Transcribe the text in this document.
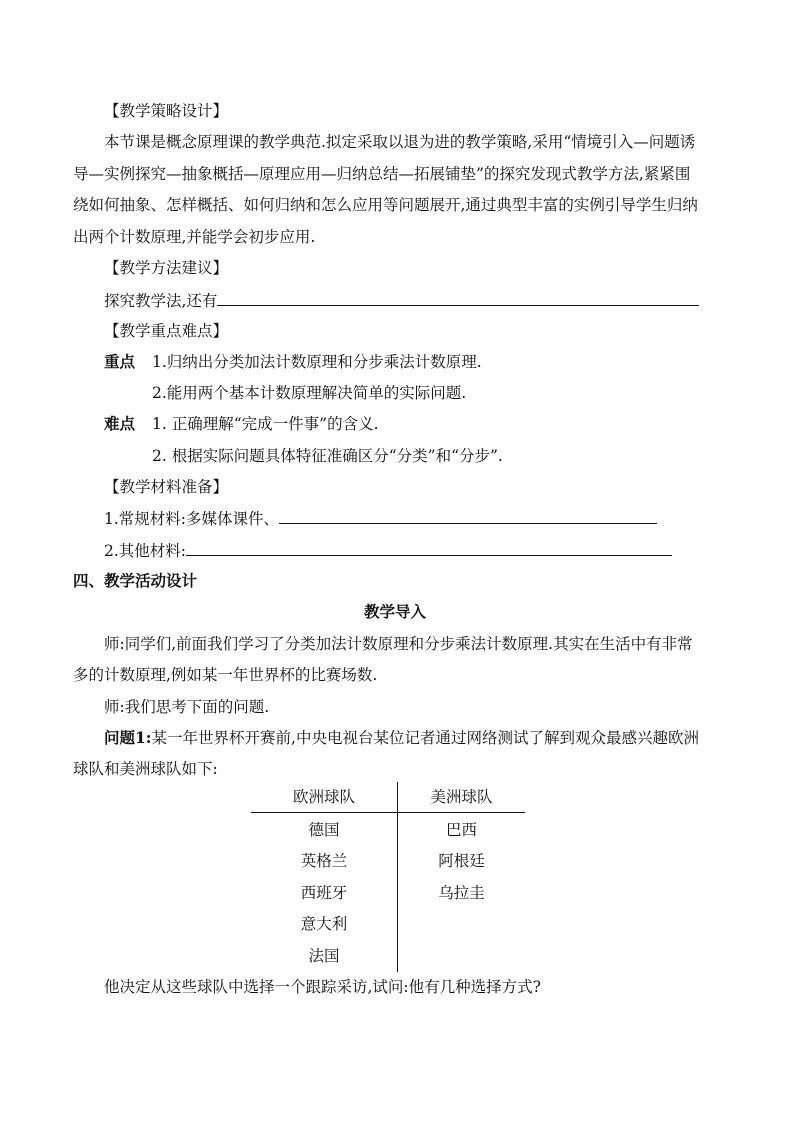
【教学策略设计】
本节课是概念原理课的教学典范.拟定采取以退为进的教学策略,采用“情境引入—问题诱
导—实例探究—抽象概括—原理应用—归纳总结—拓展铺垫”的探究发现式教学方法,紧紧围
绕如何抽象、怎样概括、如何归纳和怎么应用等问题展开,通过典型丰富的实例引导学生归纳
出两个计数原理,并能学会初步应用.
【教学方法建议】
探究教学法,还有
【教学重点难点】
重点 1.归纳出分类加法计数原理和分步乘法计数原理.
2.能用两个基本计数原理解决简单的实际问题.
难点 1. 正确理解“完成一件事”的含义.
2. 根据实际问题具体特征准确区分“分类”和“分步”.
【教学材料准备】
1.常规材料:多媒体课件、
2.其他材料:
四、教学活动设计
教学导入
师:同学们,前面我们学习了分类加法计数原理和分步乘法计数原理.其实在生活中有非常
多的计数原理,例如某一年世界杯的比赛场数.
师:我们思考下面的问题.
问题1:某一年世界杯开赛前,中央电视台某位记者通过网络测试了解到观众最感兴趣欧洲
球队和美洲球队如下:
欧洲球队	美洲球队
德国
英格兰
西班牙
意大利
法国
巴西
阿根廷
乌拉圭
他决定从这些球队中选择一个跟踪采访,试问:他有几种选择方式?
